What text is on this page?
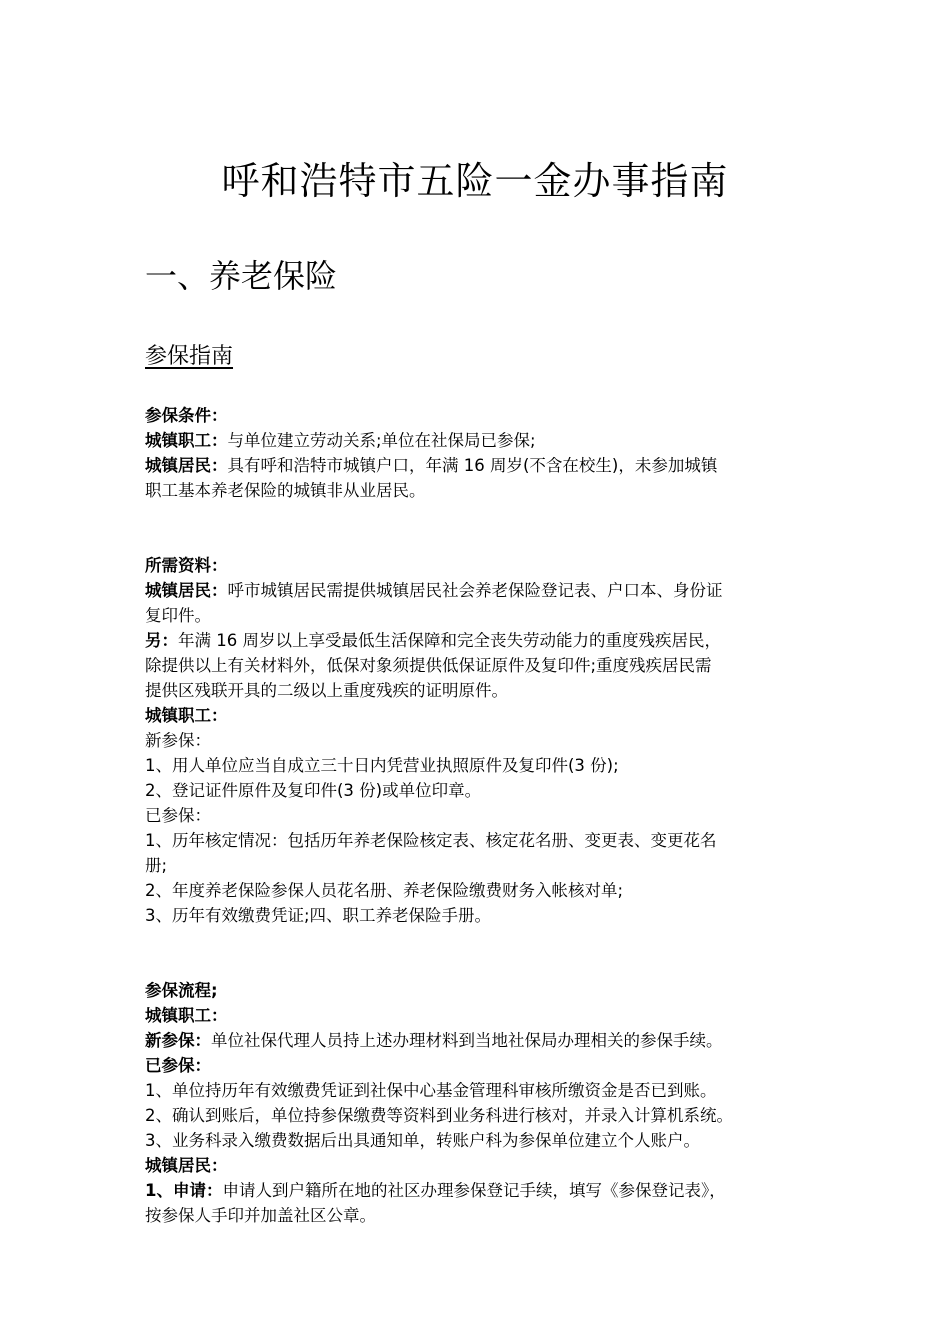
呼和浩特市五险一金办事指南
一、养老保险
参保指南

参保条件：

城镇职工：与单位建立劳动关系;单位在社保局已参保;

城镇居民：具有呼和浩特市城镇户口，年满 16 周岁(不含在校生)，未参加城镇

职工基本养老保险的城镇非从业居民。

所需资料：

城镇居民：呼市城镇居民需提供城镇居民社会养老保险登记表、户口本、身份证

复印件。

另：年满 16 周岁以上享受最低生活保障和完全丧失劳动能力的重度残疾居民，

除提供以上有关材料外，低保对象须提供低保证原件及复印件;重度残疾居民需

提供区残联开具的二级以上重度残疾的证明原件。

城镇职工：

新参保：

1、用人单位应当自成立三十日内凭营业执照原件及复印件(3 份);

2、登记证件原件及复印件(3 份)或单位印章。

已参保：

1、历年核定情况：包括历年养老保险核定表、核定花名册、变更表、变更花名

册;

2、年度养老保险参保人员花名册、养老保险缴费财务入帐核对单;

3、历年有效缴费凭证;四、职工养老保险手册。

参保流程;

城镇职工：

新参保：单位社保代理人员持上述办理材料到当地社保局办理相关的参保手续。

已参保：

1、单位持历年有效缴费凭证到社保中心基金管理科审核所缴资金是否已到账。

2、确认到账后，单位持参保缴费等资料到业务科进行核对，并录入计算机系统。

3、业务科录入缴费数据后出具通知单，转账户科为参保单位建立个人账户。

城镇居民：

1、申请：申请人到户籍所在地的社区办理参保登记手续，填写《参保登记表》，

按参保人手印并加盖社区公章。
